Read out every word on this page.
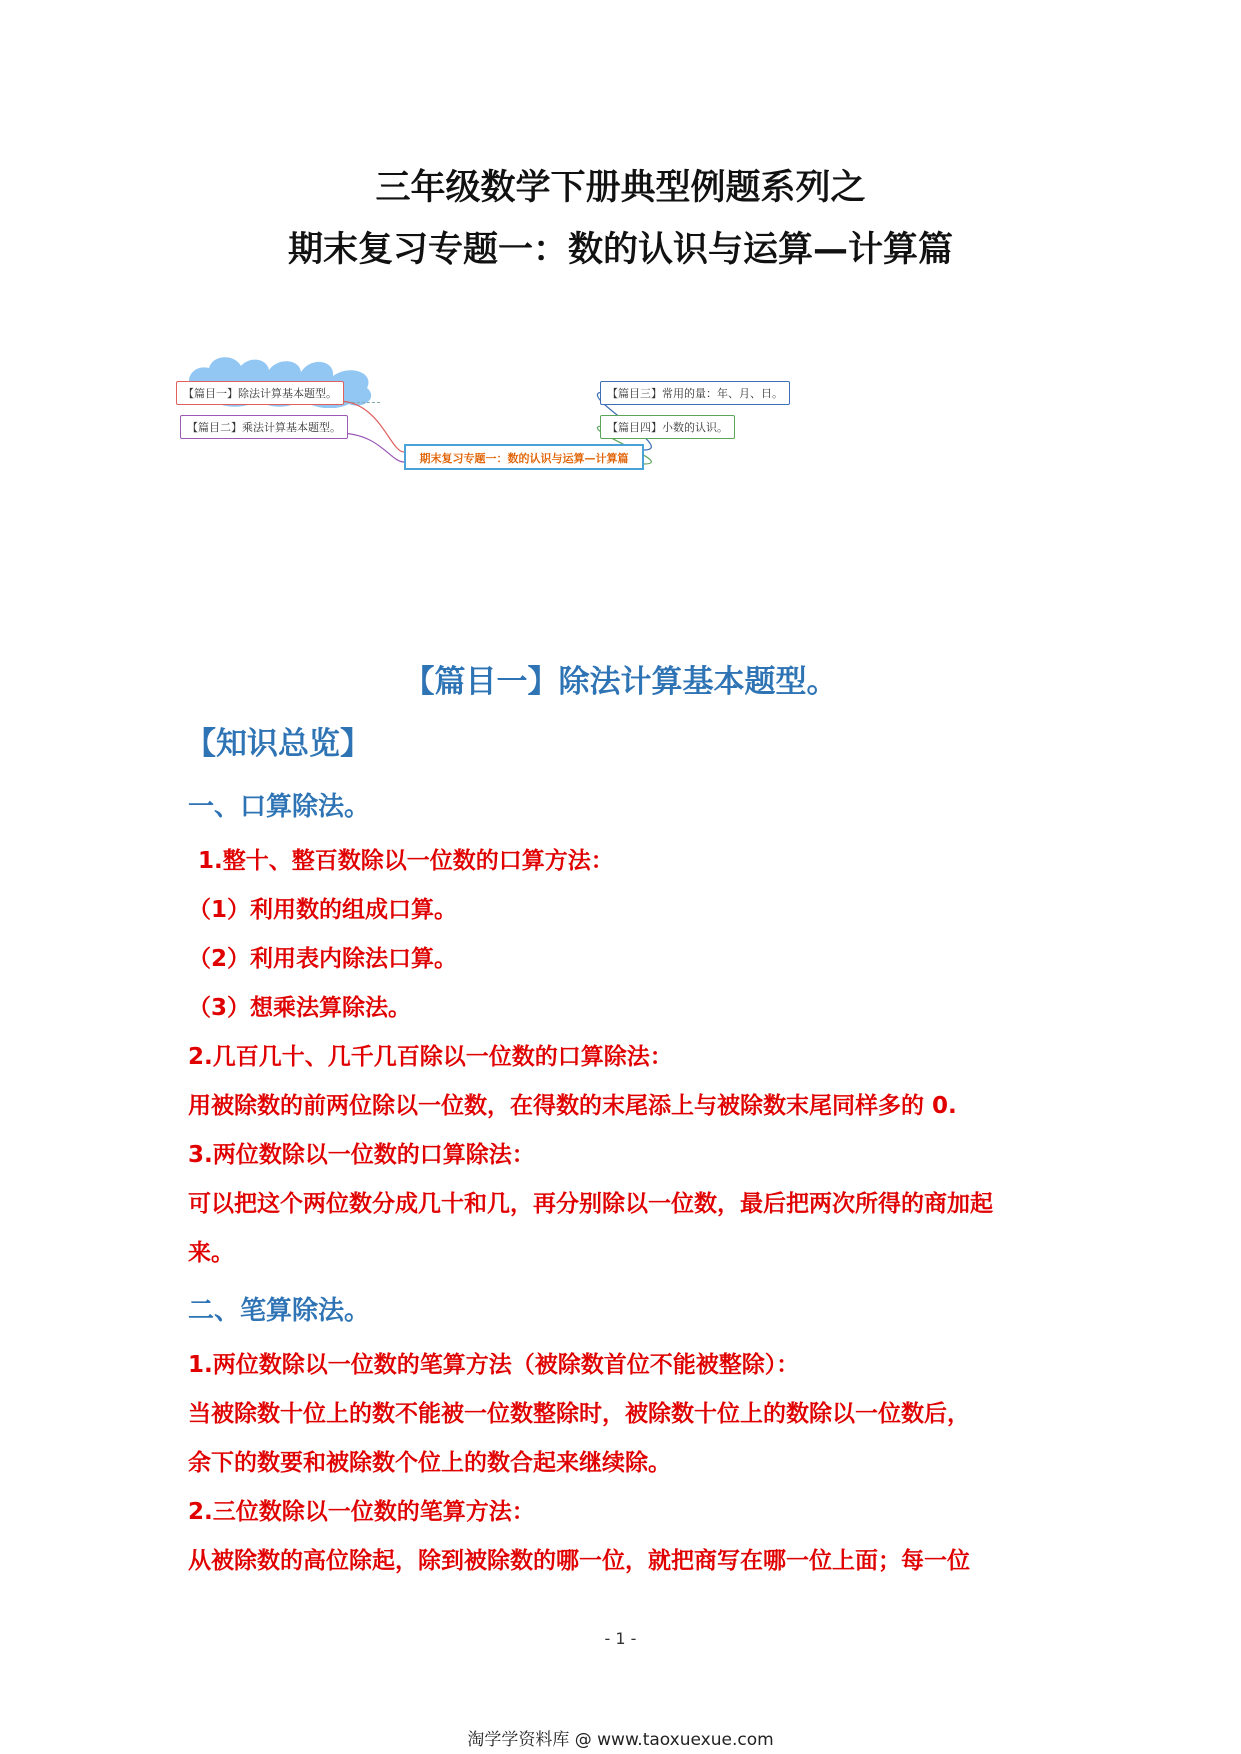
三年级数学下册典型例题系列之
期末复习专题一：数的认识与运算—计算篇
【篇目一】除法计算基本题型。
【篇目二】乘法计算基本题型。
期末复习专题一：数的认识与运算—计算篇
【篇目三】常用的量：年、月、日。
【篇目四】小数的认识。
【篇目一】除法计算基本题型。
【知识总览】
一、口算除法。
1.整十、整百数除以一位数的口算方法：
（1）利用数的组成口算。
（2）利用表内除法口算。
（3）想乘法算除法。
2.几百几十、几千几百除以一位数的口算除法：
用被除数的前两位除以一位数，在得数的末尾添上与被除数末尾同样多的 0.
3.两位数除以一位数的口算除法：
可以把这个两位数分成几十和几，再分别除以一位数，最后把两次所得的商加起
来。
二、笔算除法。
1.两位数除以一位数的笔算方法（被除数首位不能被整除）：
当被除数十位上的数不能被一位数整除时，被除数十位上的数除以一位数后，
余下的数要和被除数个位上的数合起来继续除。
2.三位数除以一位数的笔算方法：
从被除数的高位除起，除到被除数的哪一位，就把商写在哪一位上面；每一位
- 1 -
淘学学资料库 @ www.taoxuexue.com
